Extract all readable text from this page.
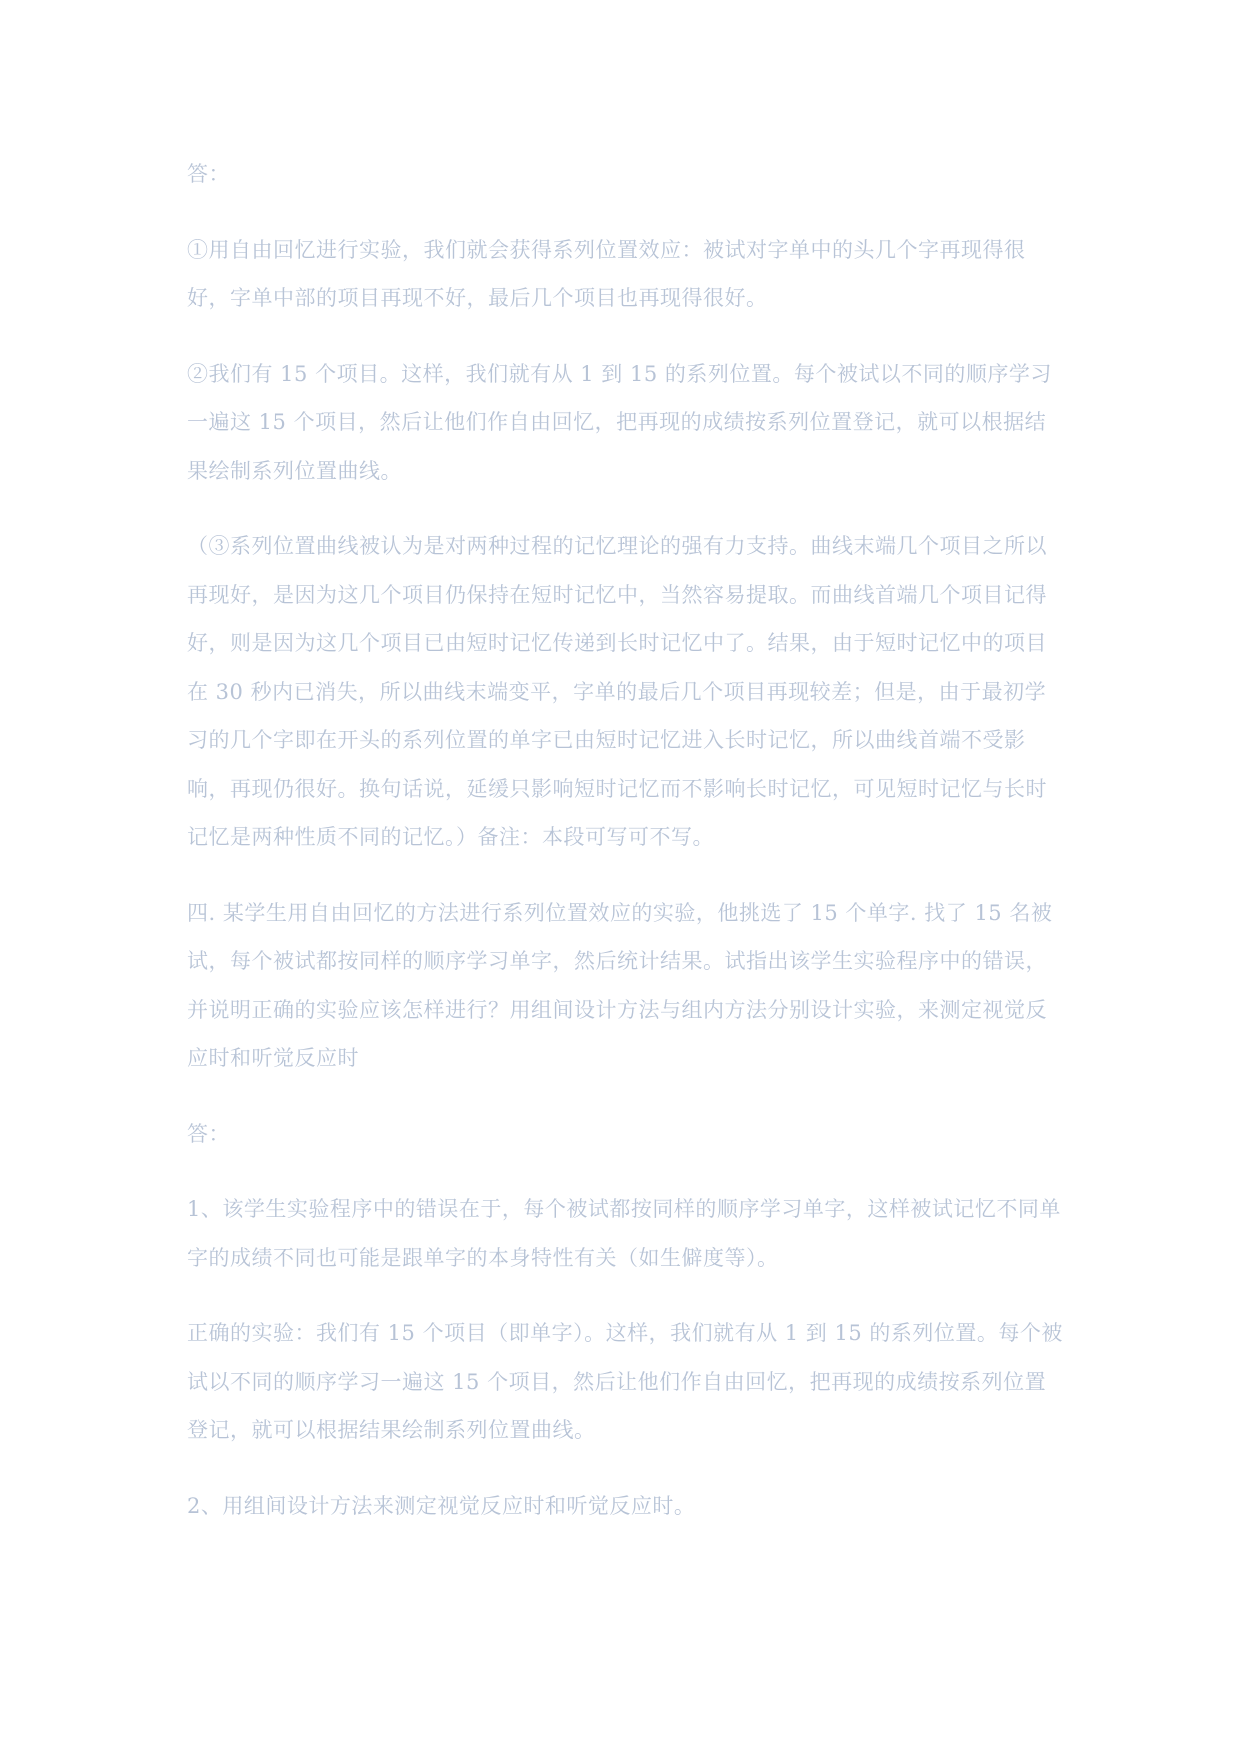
答：

①用自由回忆进行实验，我们就会获得系列位置效应：被试对字单中的头几个字再现得很好，字单中部的项目再现不好，最后几个项目也再现得很好。

②我们有 15 个项目。这样，我们就有从 1 到 15 的系列位置。每个被试以不同的顺序学习一遍这 15 个项目，然后让他们作自由回忆，把再现的成绩按系列位置登记，就可以根据结果绘制系列位置曲线。

（③系列位置曲线被认为是对两种过程的记忆理论的强有力支持。曲线末端几个项目之所以再现好，是因为这几个项目仍保持在短时记忆中，当然容易提取。而曲线首端几个项目记得好，则是因为这几个项目已由短时记忆传递到长时记忆中了。结果，由于短时记忆中的项目在 30 秒内已消失，所以曲线末端变平，字单的最后几个项目再现较差；但是，由于最初学习的几个字即在开头的系列位置的单字已由短时记忆进入长时记忆，所以曲线首端不受影响，再现仍很好。换句话说，延缓只影响短时记忆而不影响长时记忆，可见短时记忆与长时记忆是两种性质不同的记忆。）备注：本段可写可不写。

四. 某学生用自由回忆的方法进行系列位置效应的实验，他挑选了 15 个单字. 找了 15 名被试，每个被试都按同样的顺序学习单字，然后统计结果。试指出该学生实验程序中的错误，并说明正确的实验应该怎样进行？用组间设计方法与组内方法分别设计实验，来测定视觉反应时和听觉反应时

答：

1、该学生实验程序中的错误在于，每个被试都按同样的顺序学习单字，这样被试记忆不同单字的成绩不同也可能是跟单字的本身特性有关（如生僻度等）。

正确的实验：我们有 15 个项目（即单字）。这样，我们就有从 1 到 15 的系列位置。每个被试以不同的顺序学习一遍这 15 个项目，然后让他们作自由回忆，把再现的成绩按系列位置登记，就可以根据结果绘制系列位置曲线。

2、用组间设计方法来测定视觉反应时和听觉反应时。
